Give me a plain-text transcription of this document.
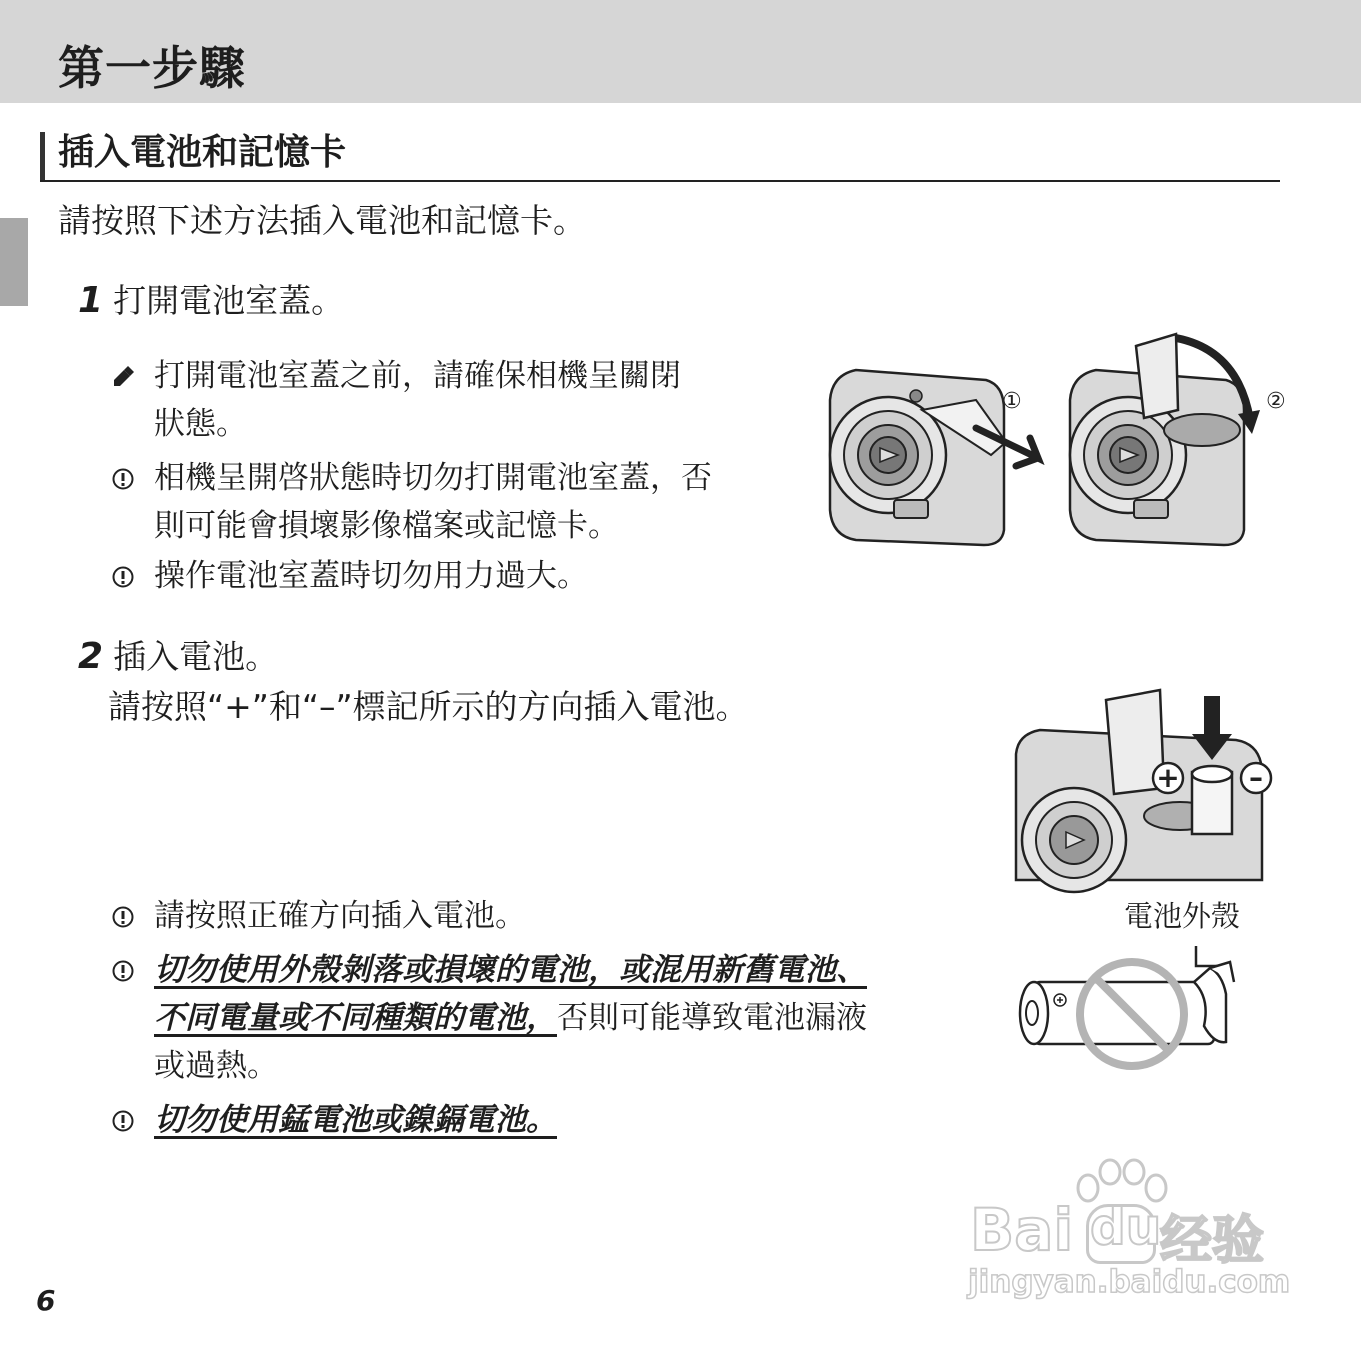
第一步驟
插入電池和記憶卡
請按照下述方法插入電池和記憶卡。
1 打開電池室蓋。
打開電池室蓋之前，請確保相機呈關閉
狀態。
相機呈開啓狀態時切勿打開電池室蓋，否
則可能會損壞影像檔案或記憶卡。
操作電池室蓋時切勿用力過大。
①	②
2 插入電池。
請按照“+”和“–”標記所示的方向插入電池。
+ –
請按照正確方向插入電池。
切勿使用外殼剝落或損壞的電池，或混用新舊電池、
不同電量或不同種類的電池，否則可能導致電池漏液
或過熱。
切勿使用錳電池或鎳鎘電池。
電池外殼
6
Bai du
经验
jingyan.baidu.com
